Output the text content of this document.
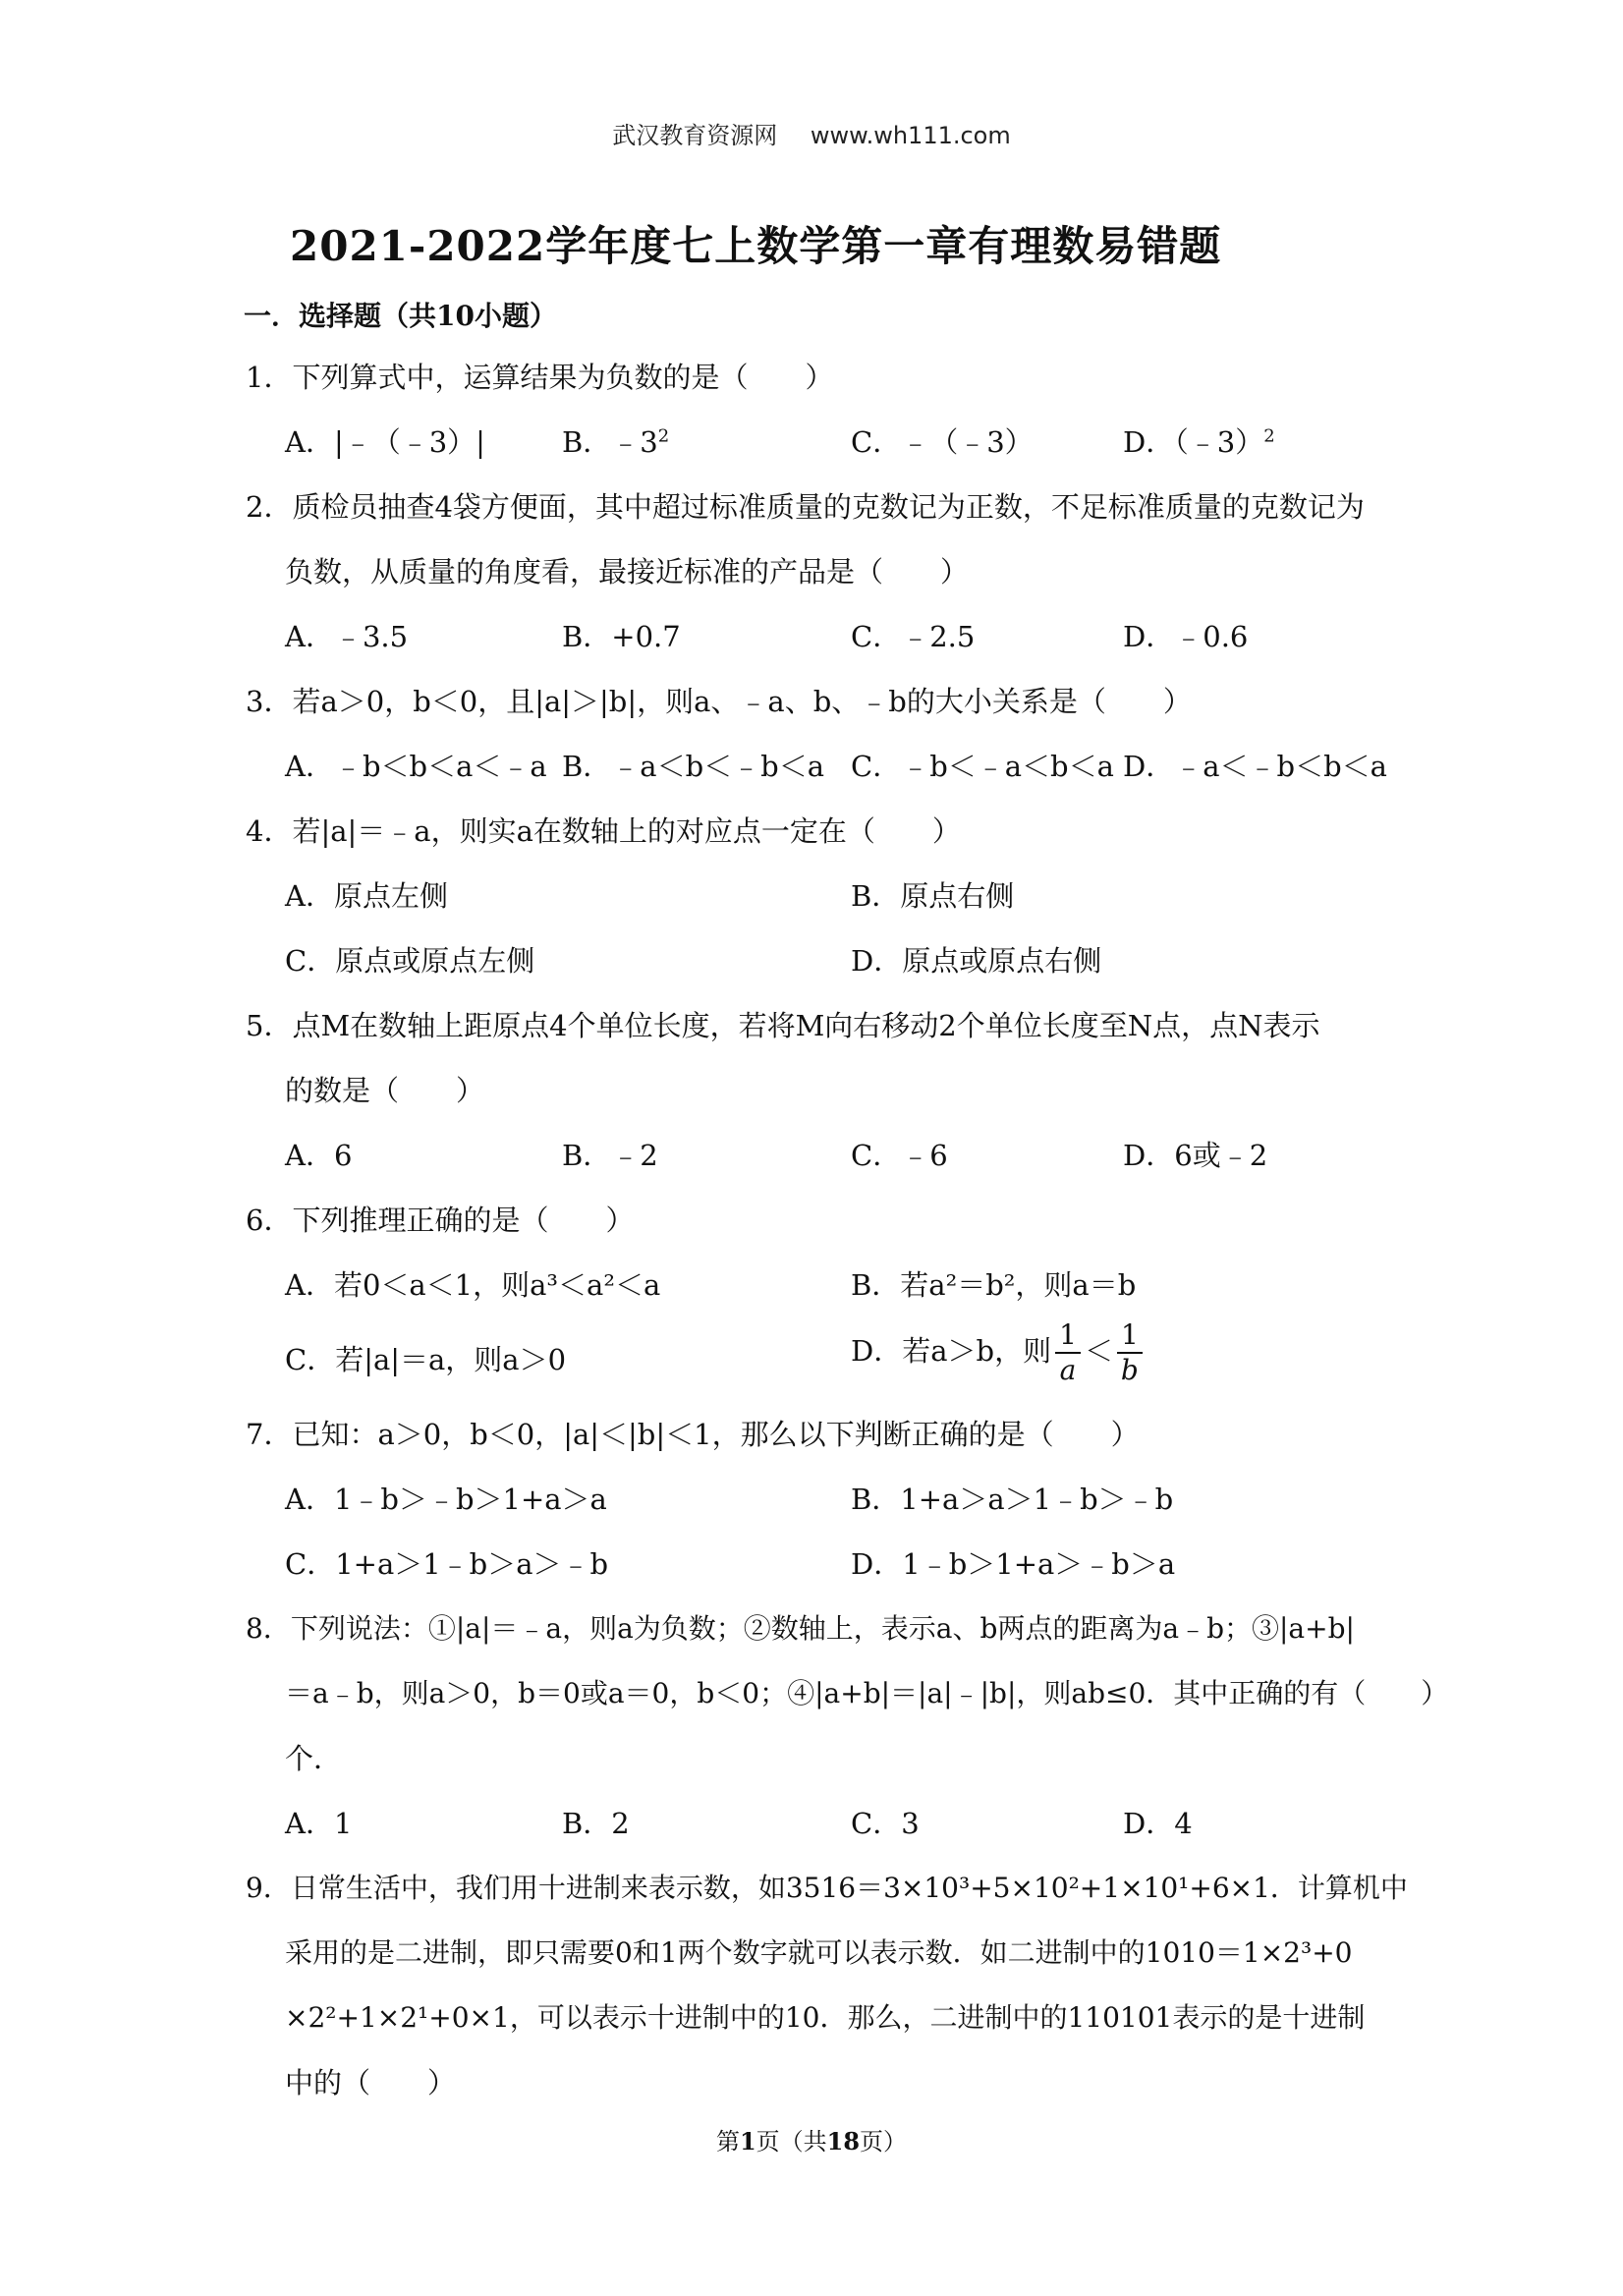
武汉教育资源网 www.wh111.com
2021-2022学年度七上数学第一章有理数易错题
一．选择题（共10小题）
1．下列算式中，运算结果为负数的是（　　）
A．|﹣（﹣3）|	B．$﹣3^2$	C．﹣（﹣3）	D．（﹣3）$^2$
2．质检员抽查4袋方便面，其中超过标准质量的克数记为正数，不足标准质量的克数记为
负数，从质量的角度看，最接近标准的产品是（　　）
A．﹣3.5	B．+0.7	C．﹣2.5	D．﹣0.6
3．若a＞0，b＜0，且|a|＞|b|，则a、﹣a、b、﹣b的大小关系是（　　）
A．﹣b＜b＜a＜﹣a B．﹣a＜b＜﹣b＜a C．﹣b＜﹣a＜b＜a D．﹣a＜﹣b＜b＜a
4．若|a|＝﹣a，则实a在数轴上的对应点一定在（　　）
A．原点左侧	B．原点右侧
C．原点或原点左侧	D．原点或原点右侧
5．点M在数轴上距原点4个单位长度，若将M向右移动2个单位长度至N点，点N表示
的数是（　　）
A．6	B．﹣2	C．﹣6	D．6或﹣2
6．下列推理正确的是（　　）
A．若0＜a＜1，则a³＜a²＜a	B．若a²＝b²，则a＝b
C．若|a|＝a，则a＞0	D．若a＞b，则 $\frac{1}{a} < \frac{1}{b}$
7．已知：a＞0，b＜0，|a|＜|b|＜1，那么以下判断正确的是（　　）
A．1﹣b＞﹣b＞1+a＞a	B．1+a＞a＞1﹣b＞﹣b
C．1+a＞1﹣b＞a＞﹣b	D．1﹣b＞1+a＞﹣b＞a
8．下列说法：①|a|＝﹣a，则a为负数；②数轴上，表示a、b两点的距离为a﹣b；③|a+b|
＝a﹣b，则a＞0，b＝0或a＝0，b＜0；④|a+b|＝|a|﹣|b|，则ab≤0．其中正确的有（　　）
个．
A．1	B．2	C．3	D．4
9．日常生活中，我们用十进制来表示数，如3516＝3×10³+5×10²+1×10¹+6×1．计算机中
采用的是二进制，即只需要0和1两个数字就可以表示数．如二进制中的1010＝1×2³+0
×2²+1×2¹+0×1，可以表示十进制中的10．那么，二进制中的110101表示的是十进制
中的（　　）
第1页（共18页）
